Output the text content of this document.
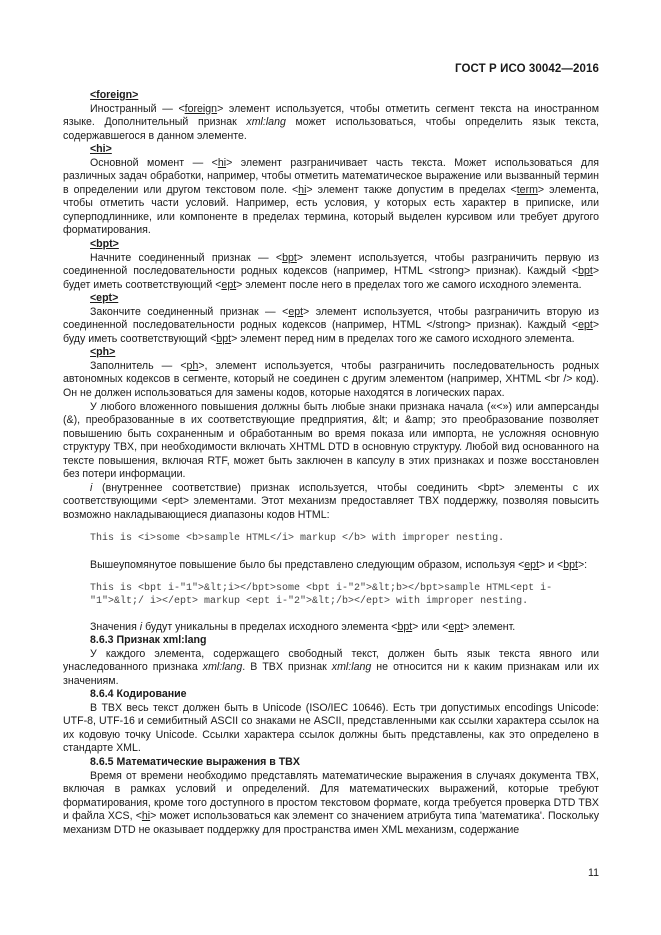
ГОСТ Р ИСО 30042—2016

<foreign>

Иностранный — <foreign> элемент используется, чтобы отметить сегмент текста на иностранном языке. Дополнительный признак xml:lang может использоваться, чтобы определить язык текста, содержавшегося в данном элементе.

<hi>

Основной момент — <hi> элемент разграничивает часть текста. Может использоваться для различных задач обработки, например, чтобы отметить математическое выражение или вызванный термин в определении или другом текстовом поле. <hi> элемент также допустим в пределах <term> элемента, чтобы отметить части условий. Например, есть условия, у которых есть характер в приписке, или суперподлиннике, или компоненте в пределах термина, который выделен курсивом или требует другого форматирования.

<bpt>

Начните соединенный признак — <bpt> элемент используется, чтобы разграничить первую из соединенной последовательности родных кодексов (например, HTML <strong> признак). Каждый <bpt> будет иметь соответствующий <ept> элемент после него в пределах того же самого исходного элемента.

<ept>

Закончите соединенный признак — <ept> элемент используется, чтобы разграничить вторую из соединенной последовательности родных кодексов (например, HTML </strong> признак). Каждый <ept> буду иметь соответствующий <bpt> элемент перед ним в пределах того же самого исходного элемента.

<ph>

Заполнитель — <ph>, элемент используется, чтобы разграничить последовательность родных автономных кодексов в сегменте, который не соединен с другим элементом (например, XHTML <br /> код). Он не должен использоваться для замены кодов, которые находятся в логических парах.

У любого вложенного повышения должны быть любые знаки признака начала («<») или амперсанды (&), преобразованные в их соответствующие предприятия, &lt; и &amp; это преобразование позволяет повышению быть сохраненным и обработанным во время показа или импорта, не усложняя основную структуру TBX, при необходимости включать XHTML DTD в основную структуру. Любой вид основанного на тексте повышения, включая RTF, может быть заключен в капсулу в этих признаках и позже восстановлен без потери информации.

i (внутреннее соответствие) признак используется, чтобы соединить <bpt> элементы с их соответствующими <ept> элементами. Этот механизм предоставляет TBX поддержку, позволяя повысить возможно накладывающиеся диапазоны кодов HTML:

This is <i>some <b>sample HTML</i> markup </b> with improper nesting.

Вышеупомянутое повышение было бы представлено следующим образом, используя <ept> и <bpt>:

This is <bpt i-"1">&lt;i></bpt>some <bpt i-"2">&lt;b></bpt>sample HTML<ept i-"1">&lt;/ i></ept> markup <ept i-"2">&lt;/b></ept> with improper nesting.

Значения i будут уникальны в пределах исходного элемента <bpt> или <ept> элемент.

8.6.3 Признак xml:lang

У каждого элемента, содержащего свободный текст, должен быть язык текста явного или унаследованного признака xml:lang. В TBX признак xml:lang не относится ни к каким признакам или их значениям.

8.6.4 Кодирование

В TBX весь текст должен быть в Unicode (ISO/IEC 10646). Есть три допустимых encodings Unicode: UTF-8, UTF-16 и семибитный ASCII со знаками не ASCII, представленными как ссылки характера ссылок на их кодовую точку Unicode. Ссылки характера ссылок должны быть представлены, как это определено в стандарте XML.

8.6.5 Математические выражения в TBX

Время от времени необходимо представлять математические выражения в случаях документа TBX, включая в рамках условий и определений. Для математических выражений, которые требуют форматирования, кроме того доступного в простом текстовом формате, когда требуется проверка DTD TBX и файла XCS, <hi> может использоваться как элемент со значением атрибута типа 'математика'. Поскольку механизм DTD не оказывает поддержку для пространства имен XML механизм, содержание

11
